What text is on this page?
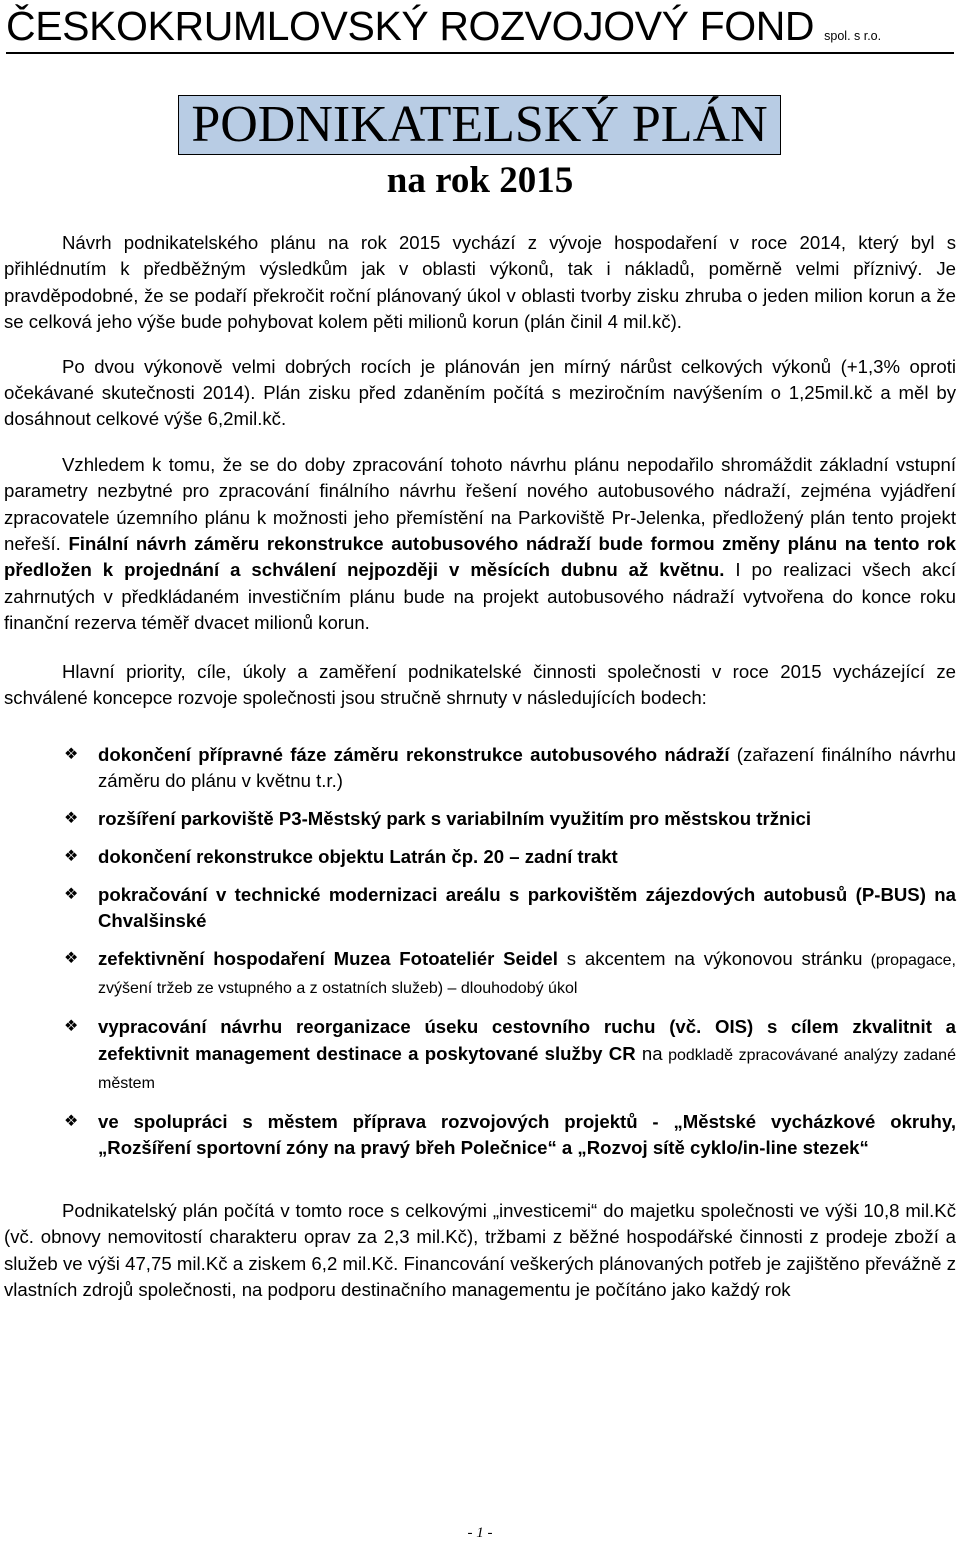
ČESKOKRUMLOVSKÝ ROZVOJOVÝ FOND spol. s r.o.
PODNIKATELSKÝ PLÁN
na rok 2015

Návrh podnikatelského plánu na rok 2015 vychází z vývoje hospodaření v roce 2014, který byl s přihlédnutím k předběžným výsledkům jak v oblasti výkonů, tak i nákladů, poměrně velmi příznivý. Je pravděpodobné, že se podaří překročit roční plánovaný úkol v oblasti tvorby zisku zhruba o jeden milion korun a že se celková jeho výše bude pohybovat kolem pěti milionů korun (plán činil 4 mil.kč).

Po dvou výkonově velmi dobrých rocích je plánován jen mírný nárůst celkových výkonů (+1,3% oproti očekávané skutečnosti 2014). Plán zisku před zdaněním počítá s meziročním navýšením o 1,25mil.kč a měl by dosáhnout celkové výše 6,2mil.kč.

Vzhledem k tomu, že se do doby zpracování tohoto návrhu plánu nepodařilo shromáždit základní vstupní parametry nezbytné pro zpracování finálního návrhu řešení nového autobusového nádraží, zejména vyjádření zpracovatele územního plánu k možnosti jeho přemístění na Parkoviště Pr-Jelenka, předložený plán tento projekt neřeší. Finální návrh záměru rekonstrukce autobusového nádraží bude formou změny plánu na tento rok předložen k projednání a schválení nejpozději v měsících dubnu až květnu. I po realizaci všech akcí zahrnutých v předkládaném investičním plánu bude na projekt autobusového nádraží vytvořena do konce roku finanční rezerva téměř dvacet milionů korun.

Hlavní priority, cíle, úkoly a zaměření podnikatelské činnosti společnosti v roce 2015 vycházející ze schválené koncepce rozvoje společnosti jsou stručně shrnuty v následujících bodech:

❖ dokončení přípravné fáze záměru rekonstrukce autobusového nádraží (zařazení finálního návrhu záměru do plánu v květnu t.r.)
❖ rozšíření parkoviště P3-Městský park s variabilním využitím pro městskou tržnici
❖ dokončení rekonstrukce objektu Latrán čp. 20 – zadní trakt
❖ pokračování v technické modernizaci areálu s parkovištěm zájezdových autobusů (P-BUS) na Chvalšinské
❖ zefektivnění hospodaření Muzea Fotoateliér Seidel s akcentem na výkonovou stránku (propagace, zvýšení tržeb ze vstupného a z ostatních služeb) – dlouhodobý úkol
❖ vypracování návrhu reorganizace úseku cestovního ruchu (vč. OIS) s cílem zkvalitnit a zefektivnit management destinace a poskytované služby CR na podkladě zpracovávané analýzy zadané městem
❖ ve spolupráci s městem příprava rozvojových projektů - „Městské vycházkové okruhy, „Rozšíření sportovní zóny na pravý břeh Polečnice“ a „Rozvoj sítě cyklo/in-line stezek“

Podnikatelský plán počítá v tomto roce s celkovými „investicemi“ do majetku společnosti ve výši 10,8 mil.Kč (vč. obnovy nemovitostí charakteru oprav za 2,3 mil.Kč), tržbami z běžné hospodářské činnosti z prodeje zboží a služeb ve výši 47,75 mil.Kč a ziskem 6,2 mil.Kč. Financování veškerých plánovaných potřeb je zajištěno převážně z vlastních zdrojů společnosti, na podporu destinačního managementu je počítáno jako každý rok

- 1 -
